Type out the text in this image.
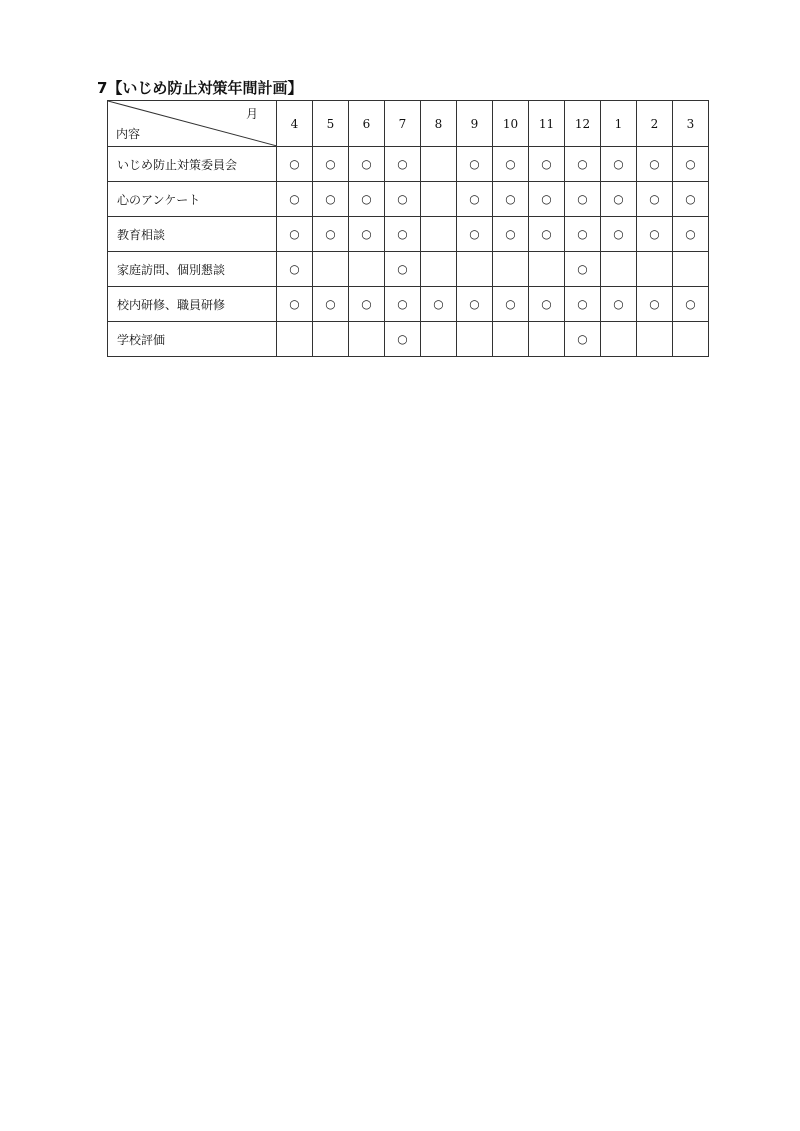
7【いじめ防止対策年間計画】
月
内容	4	5	6	7	8	9	10	11	12	1	2	3
いじめ防止対策委員会	○	○	○	○		○	○	○	○	○	○	○
心のアンケート	○	○	○	○		○	○	○	○	○	○	○
教育相談	○	○	○	○		○	○	○	○	○	○	○
家庭訪問、個別懇談	○			○					○			
校内研修、職員研修	○	○	○	○	○	○	○	○	○	○	○	○
学校評価				○					○			
